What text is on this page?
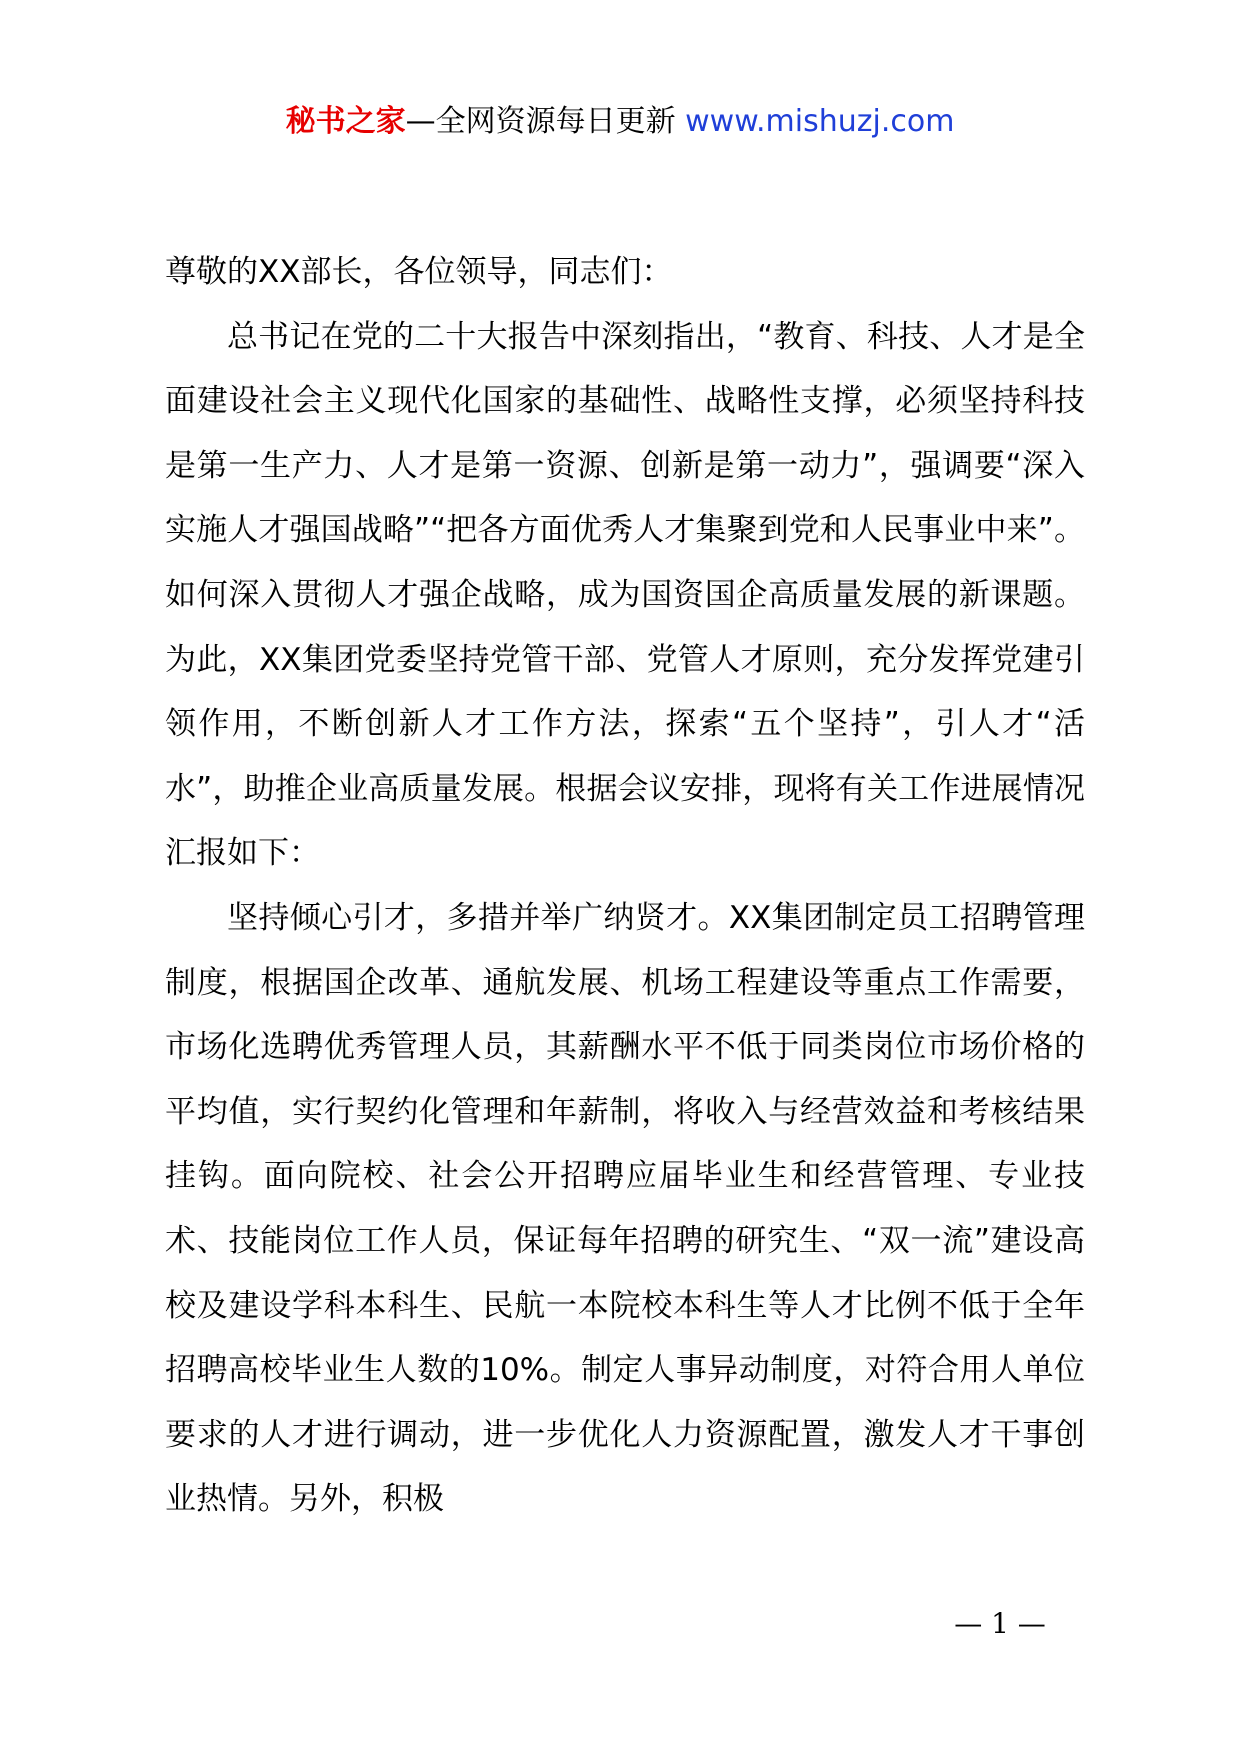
秘书之家—全网资源每日更新 www.mishuzj.com

尊敬的XX部长，各位领导，同志们：

总书记在党的二十大报告中深刻指出，“教育、科技、人才是全面建设社会主义现代化国家的基础性、战略性支撑，必须坚持科技是第一生产力、人才是第一资源、创新是第一动力”，强调要“深入实施人才强国战略”“把各方面优秀人才集聚到党和人民事业中来”。如何深入贯彻人才强企战略，成为国资国企高质量发展的新课题。为此，XX集团党委坚持党管干部、党管人才原则，充分发挥党建引领作用，不断创新人才工作方法，探索“五个坚持”，引人才“活水”，助推企业高质量发展。根据会议安排，现将有关工作进展情况汇报如下：

坚持倾心引才，多措并举广纳贤才。XX集团制定员工招聘管理制度，根据国企改革、通航发展、机场工程建设等重点工作需要，市场化选聘优秀管理人员，其薪酬水平不低于同类岗位市场价格的平均值，实行契约化管理和年薪制，将收入与经营效益和考核结果挂钩。面向院校、社会公开招聘应届毕业生和经营管理、专业技术、技能岗位工作人员，保证每年招聘的研究生、“双一流”建设高校及建设学科本科生、民航一本院校本科生等人才比例不低于全年招聘高校毕业生人数的10%。制定人事异动制度，对符合用人单位要求的人才进行调动，进一步优化人力资源配置，激发人才干事创业热情。另外，积极

— 1 —
